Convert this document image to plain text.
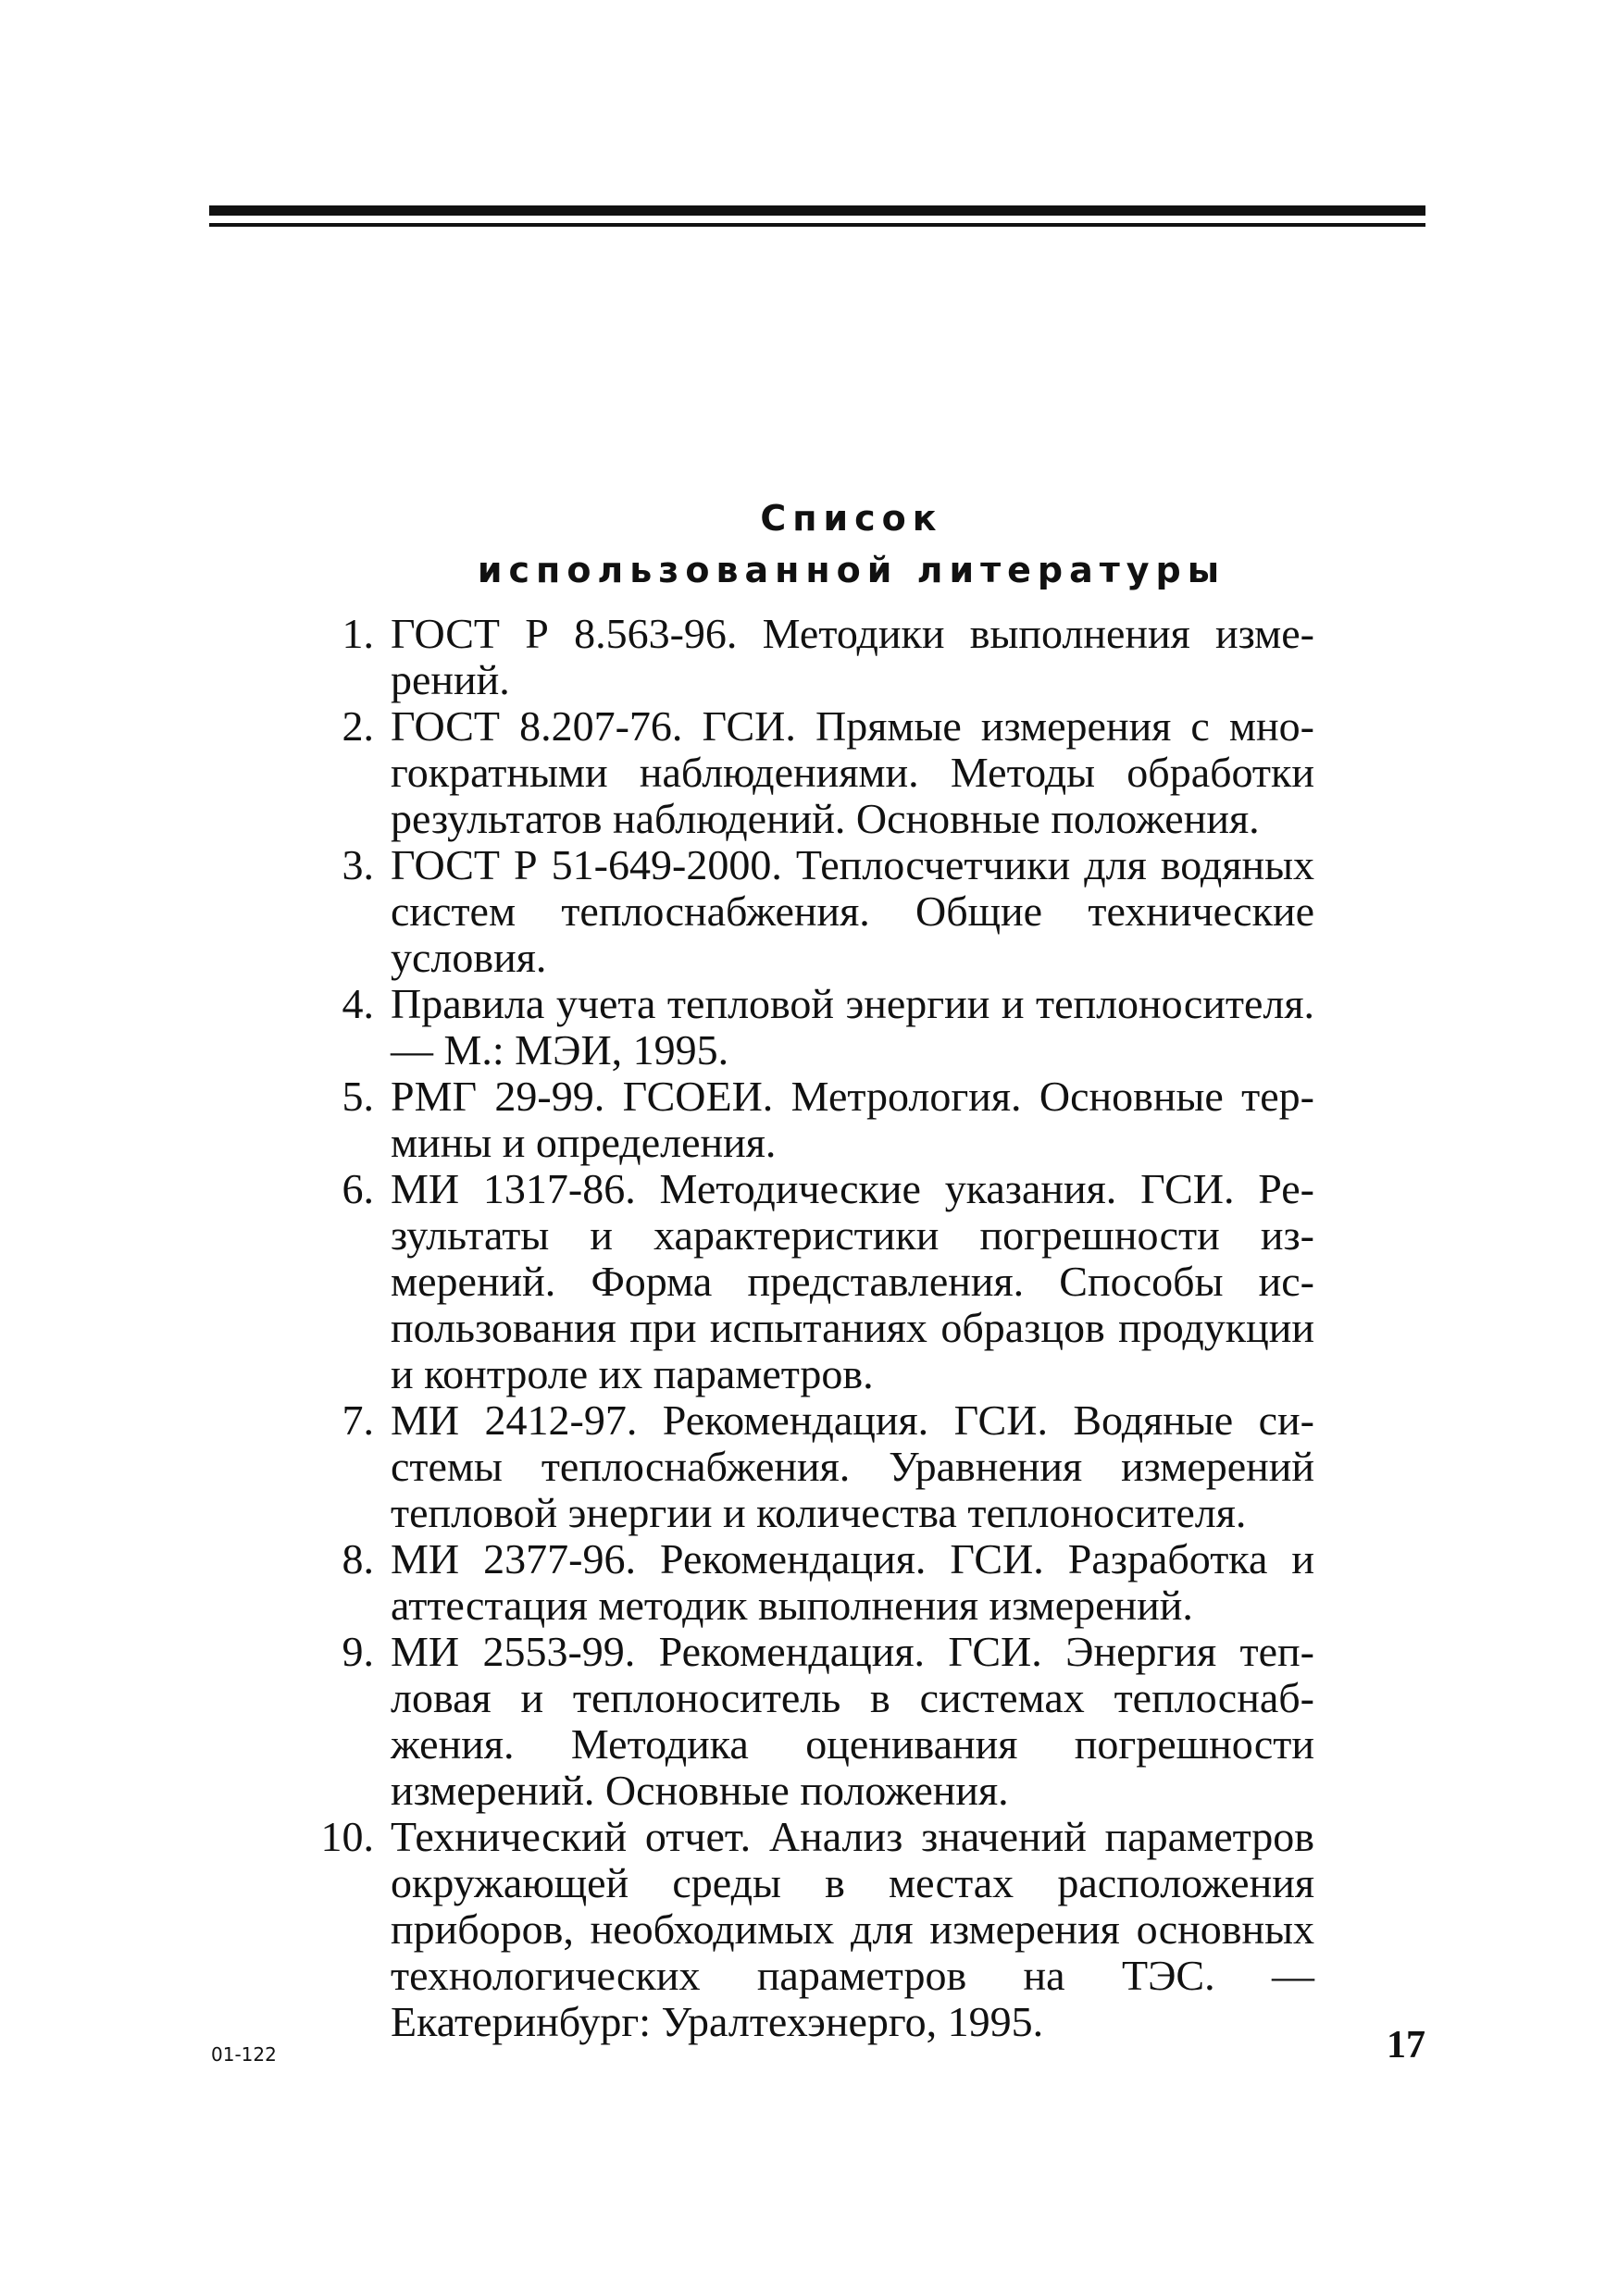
Список
использованной литературы
1. ГОСТ Р 8.563-96. Методики выполнения измерений.
2. ГОСТ 8.207-76. ГСИ. Прямые измерения с многократными наблюдениями. Методы обработки результатов наблюдений. Основные положения.
3. ГОСТ Р 51-649-2000. Теплосчетчики для водяных систем теплоснабжения. Общие технические условия.
4. Правила учета тепловой энергии и теплоносителя. — М.: МЭИ, 1995.
5. РМГ 29-99. ГСОЕИ. Метрология. Основные термины и определения.
6. МИ 1317-86. Методические указания. ГСИ. Результаты и характеристики погрешности измерений. Форма представления. Способы использования при испытаниях образцов продукции и контроле их параметров.
7. МИ 2412-97. Рекомендация. ГСИ. Водяные системы теплоснабжения. Уравнения измерений тепловой энергии и количества теплоносителя.
8. МИ 2377-96. Рекомендация. ГСИ. Разработка и аттестация методик выполнения измерений.
9. МИ 2553-99. Рекомендация. ГСИ. Энергия тепловая и теплоноситель в системах теплоснабжения. Методика оценивания погрешности измерений. Основные положения.
10. Технический отчет. Анализ значений параметров окружающей среды в местах расположения приборов, необходимых для измерения основных технологических параметров на ТЭС. — Екатеринбург: Уралтехэнерго, 1995.
01-122	17
